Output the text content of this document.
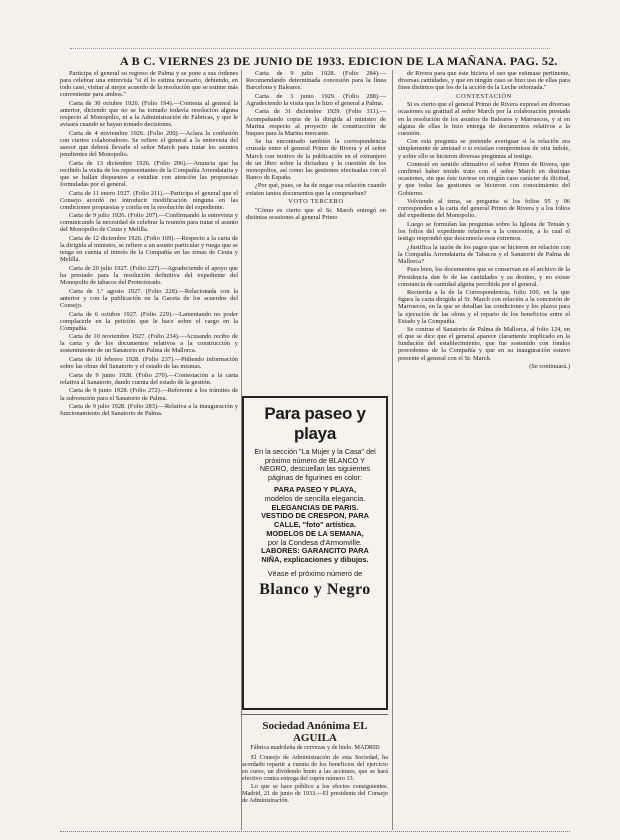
A B C. VIERNES 23 DE JUNIO DE 1933. EDICION DE LA MAÑANA. PAG. 52.

Participa el general su regreso de Palma y se pone a sus órdenes para celebrar una entrevista "si él lo estima necesario, debiendo, en todo caso, visitar al mejor acuerdo de la resolución que se estime más conveniente para ambos."

Carta de 30 octubre 1926. (Folio 194).—Contesta al general la anterior, diciendo que no se ha tomado todavía resolución alguna respecto al Monopolio, ni a la Administración de Fabricas, y que le avisará cuando se hayan tomado decisiones.

Carta de 4 noviembre 1926. (Folio 200).—Aclara la confusión con ciertos colaboradores. Se refiere el general a la entrevista del asesor que deberá llevarle el señor March para tratar los asuntos pendientes del Monopolio.

Carta de 13 diciembre 1926. (Folio 206).—Anuncia que ha recibido la visita de los representantes de la Compañía Arrendataria y que se hallan dispuestos a estudiar con atención las propuestas formuladas por el general.

Carta de 11 enero 1927. (Folio 211).—Participa el general que el Consejo acordó no introducir modificación ninguna en las condiciones propuestas y confía en la resolución del expediente.

Carta de 9 julio 1926. (Folio 207).—Confirmando la entrevista y comunicando la necesidad de celebrar la reunión para tratar el asunto del Monopolio de Ceuta y Melilla.

Carta de 12 diciembre 1926. (Folio 169).—Respecto a la carta de la dirigida al ministro, se refiere a un asunto particular y ruega que se tenga en cuenta el interés de la Compañía en las zonas de Ceuta y Melilla.

Carta de 20 julio 1927. (Folio 227).—Agradeciendo el apoyo que ha prestado para la resolución definitiva del expediente del Monopolio de tabacos del Protectorado.

Carta de 1.º agosto 1927. (Folio 228).—Relacionada con la anterior y con la publicación en la Gaceta de los acuerdos del Consejo.

Carta de 6 octubre 1927. (Folio 229).—Lamentando no poder complacerle en la petición que le hace sobre el cargo en la Compañía.

Carta de 10 noviembre 1927. (Folio 234).—Acusando recibo de la carta y de los documentos relativos a la construcción y sostenimiento de un Sanatorio en Palma de Mallorca.

Carta de 10 febrero 1928. (Folio 237).—Pidiendo información sobre las obras del Sanatorio y el estado de las mismas.

Carta de 9 junio 1928. (Folio 270).—Contestación a la carta relativa al Sanatorio, dando cuenta del estado de la gestión.

Carta de 9 junio 1928. (Folio 272).—Referente a los trámites de la subvención para el Sanatorio de Palma.

Carta de 9 julio 1928. (Folio 283).—Relativa a la inauguración y funcionamiento del Sanatorio de Palma.

Carta de 9 julio 1928. (Folio 284).—Recomendando determinada concesión para la línea Barcelona y Baleares.

Carta de 3 junio 1929. (Folio 288).—Agradeciendo la visita que le hizo el general a Palma.

Carta de 31 diciembre 1929. (Folio 311).—Acompañando copia de la dirigida al ministro de Marina respecto al proyecto de construcción de buques para la Marina mercante.

Se ha encontrado también la correspondencia cruzada entre el general Primo de Rivera y el señor March con motivo de la publicación en el extranjero de un libro sobre la dictadura y la cuestión de los monopolios, así como las gestiones efectuadas con el Banco de España.

¿Por qué, pues, se ha de negar esa relación cuando existen tantos documentos que la comprueban?

VOTO TERCERO

"Cómo es cierto que el Sr. March entregó en distintas ocasiones al general Primo

Para paseo y playa
En la sección "La Mujer y la Casa" del próximo número de BLANCO Y NEGRO, descuellan las siguientes páginas de figurines en color:
PARA PASEO Y PLAYA,
modelos de sencilla elegancia.
ELEGANCIAS DE PARIS.
VESTIDO DE CRESPON, PARA CALLE, "foto" artística.
MODELOS DE LA SEMANA,
por la Condesa d'Armonville.
LABORES: GARANCITO PARA NIÑA, explicaciones y dibujos.
Véase el próximo número de
Blanco y Negro
Sociedad Anónima EL AGUILA
Fábrica madrileña de cervezas y de hielo. MADRID

El Consejo de Administración de esta Sociedad, ha acordado repartir a cuenta de los beneficios del ejercicio en curso, un dividendo bruto a las acciones, que se hará efectivo contra entrega del cupón número 13.

Lo que se hace público a los efectos consiguientes. Madrid, 21 de junio de 1933.—El presidente del Consejo de Administración.

de Rivera para que éste hiciera el uso que estimase pertinente, diversas cantidades, y que en ningún caso se hizo uso de ellas para fines distintos que los de la acción de la Leche reforzada."

CONTESTACIÓN

Si es cierto que el general Primo de Rivera expresó en diversas ocasiones su gratitud al señor March por la colaboración prestada en la resolución de los asuntos de Baleares y Marruecos, y si en alguna de ellas le hizo entrega de documentos relativos a la cuestión.

Con esta pregunta se pretende averiguar si la relación era simplemente de amistad o si existían compromisos de otra índole, y sobre ello se hicieron diversas preguntas al testigo.

Contestó en sentido afirmativo el señor Primo de Rivera, que confirmó haber tenido trato con el señor March en distintas ocasiones, sin que éste tuviese en ningún caso carácter de ilicitud, y que todas las gestiones se hicieron con conocimiento del Gobierno.

Volviendo al tema, se pregunta si los folios 95 y 96 corresponden a la carta del general Primo de Rivera y a los folios del expediente del Monopolio.

Luego se formulan las preguntas sobre la Iglesia de Tetuán y los folios del expediente relativos a la concesión, a lo cual el testigo respondió que desconocía esos extremos.

¿Justifica la razón de los pagos que se hicieron en relación con la Compañía Arrendataria de Tabacos y el Sanatorio de Palma de Mallorca?

Pues bien, los documentos que se conservan en el archivo de la Presidencia dan fe de las cantidades y su destino, y no existe constancia de cantidad alguna percibida por el general.

Recuerda a la de la Correspondencia, folio 100, en la que figura la carta dirigida al Sr. March con relación a la concesión de Marruecos, en la que se detallan las condiciones y los plazos para la ejecución de las obras y el reparto de los beneficios entre el Estado y la Compañía.

Se contrae el Sanatorio de Palma de Mallorca, al folio 124, en el que se dice que el general aparece claramente implicado en la fundación del establecimiento, que fue sostenido con fondos procedentes de la Compañía y que en su inauguración estuvo presente el general con el Sr. March.

(Se continuará.)
